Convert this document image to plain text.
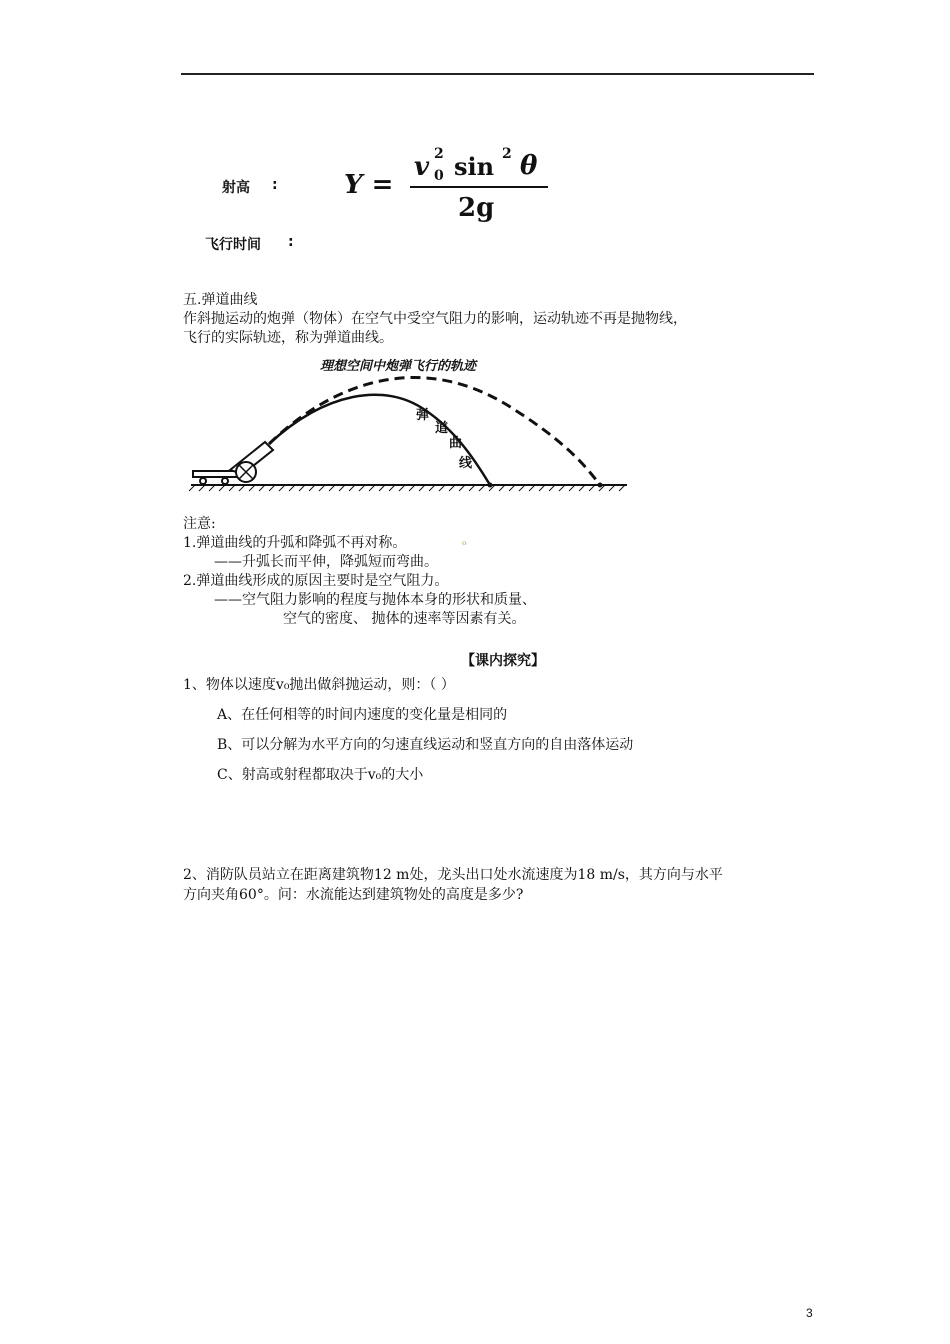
射高 :	Y =
v 2
0 sin 2 θ
2g
飞行时间 :
五.弹道曲线
作斜抛运动的炮弹（物体）在空气中受空气阻力的影响，运动轨迹不再是抛物线，
飞行的实际轨迹，称为弹道曲线。
理想空间中炮弹飞行的轨迹
弹
道
曲
线
注意:
1.弹道曲线的升弧和降弧不再对称。	ₒ
——升弧长而平伸，降弧短而弯曲。
2.弹道曲线形成的原因主要时是空气阻力。
——空气阻力影响的程度与抛体本身的形状和质量、
空气的密度、 抛体的速率等因素有关。
【课内探究】
1、物体以速度v₀抛出做斜抛运动，则：（ ）
A、在任何相等的时间内速度的变化量是相同的
B、可以分解为水平方向的匀速直线运动和竖直方向的自由落体运动
C、射高或射程都取决于v₀的大小
2、消防队员站立在距离建筑物12 m处，龙头出口处水流速度为18 m/s，其方向与水平
方向夹角60°。问：水流能达到建筑物处的高度是多少?
3
